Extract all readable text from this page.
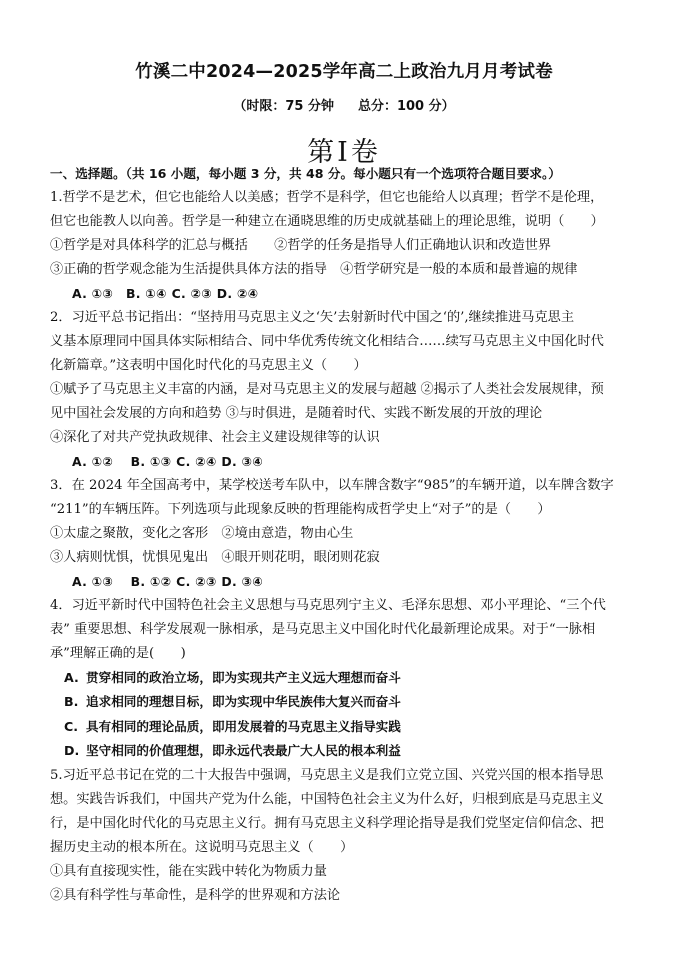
竹溪二中2024—2025学年高二上政治九月月考试卷
（时限：75 分钟 总分：100 分）
第I卷
一、选择题。（共 16 小题，每小题 3 分，共 48 分。每小题只有一个选项符合题目要求。）
1.哲学不是艺术，但它也能给人以美感；哲学不是科学，但它也能给人以真理；哲学不是伦理，
但它也能教人以向善。哲学是一种建立在通晓思维的历史成就基础上的理论思维，说明（　　）
①哲学是对具体科学的汇总与概括　　②哲学的任务是指导人们正确地认识和改造世界
③正确的哲学观念能为生活提供具体方法的指导　④哲学研究是一般的本质和最普遍的规律
A. ①③　B. ①④ C. ②③ D. ②④
2．习近平总书记指出：“坚持用马克思主义之‘矢’去射新时代中国之‘的’,继续推进马克思主
义基本原理同中国具体实际相结合、同中华优秀传统文化相结合……续写马克思主义中国化时代
化新篇章。”这表明中国化时代化的马克思主义（　　）
①赋予了马克思主义丰富的内涵，是对马克思主义的发展与超越 ②揭示了人类社会发展规律，预
见中国社会发展的方向和趋势 ③与时俱进，是随着时代、实践不断发展的开放的理论
④深化了对共产党执政规律、社会主义建设规律等的认识
A. ①②　 B. ①③ C. ②④ D. ③④
3．在 2024 年全国高考中，某学校送考车队中，以车牌含数字“985”的车辆开道，以车牌含数字
“211”的车辆压阵。下列选项与此现象反映的哲理能构成哲学史上“对子”的是（　　）
①太虚之聚散，变化之客形　②境由意造，物由心生
③人病则忧惧，忧惧见鬼出　④眼开则花明，眼闭则花寂
A. ①③　 B. ①② C. ②③ D. ③④
4．习近平新时代中国特色社会主义思想与马克思列宁主义、毛泽东思想、邓小平理论、“三个代
表” 重要思想、科学发展观一脉相承，是马克思主义中国化时代化最新理论成果。对于“一脉相
承”理解正确的是(　　)
A. 贯穿相同的政治立场，即为实现共产主义远大理想而奋斗
B. 追求相同的理想目标，即为实现中华民族伟大复兴而奋斗
C. 具有相同的理论品质，即用发展着的马克思主义指导实践
D. 坚守相同的价值理想，即永远代表最广大人民的根本利益
5.习近平总书记在党的二十大报告中强调，马克思主义是我们立党立国、兴党兴国的根本指导思
想。实践告诉我们，中国共产党为什么能，中国特色社会主义为什么好，归根到底是马克思主义
行，是中国化时代化的马克思主义行。拥有马克思主义科学理论指导是我们党坚定信仰信念、把
握历史主动的根本所在。这说明马克思主义（　　）
①具有直接现实性，能在实践中转化为物质力量
②具有科学性与革命性，是科学的世界观和方法论
